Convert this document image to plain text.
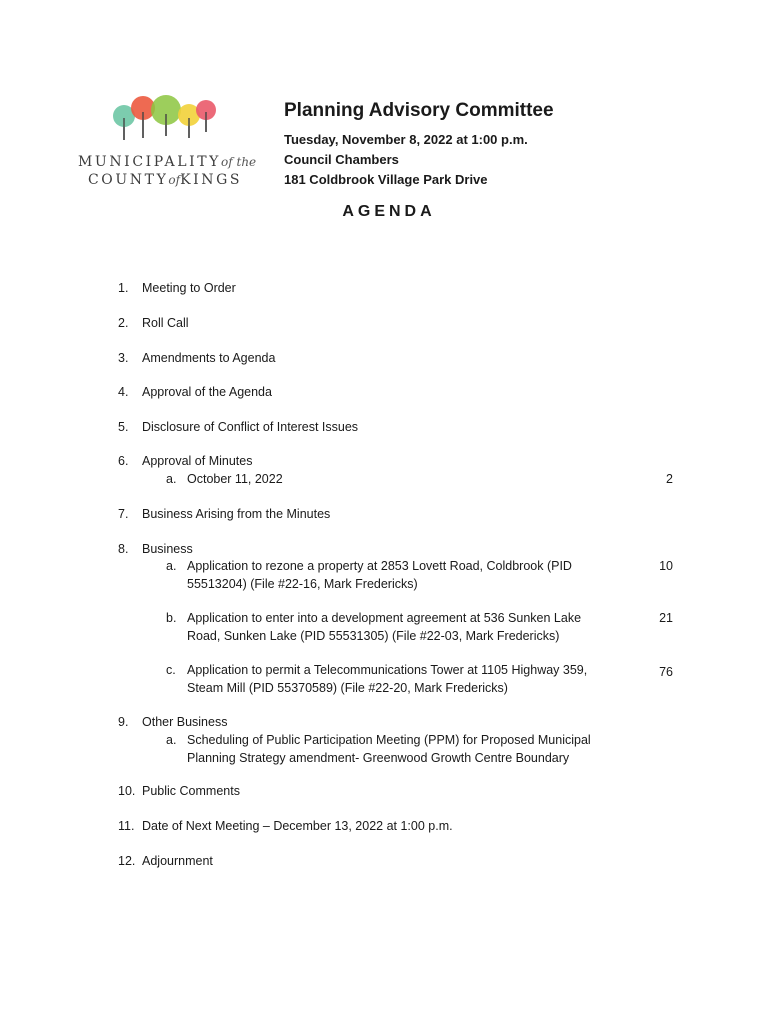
MUNICIPALITYof the
COUNTYofKINGS
Planning Advisory Committee
Tuesday, November 8, 2022 at 1:00 p.m.
Council Chambers
181 Coldbrook Village Park Drive
AGENDA
1. Meeting to Order
2. Roll Call
3. Amendments to Agenda
4. Approval of the Agenda
5. Disclosure of Conflict of Interest Issues
6. Approval of Minutes
a. October 11, 2022	2
7. Business Arising from the Minutes
8. Business
a. Application to rezone a property at 2853 Lovett Road, Coldbrook (PID 55513204) (File #22-16, Mark Fredericks)
10
b. Application to enter into a development agreement at 536 Sunken Lake Road, Sunken Lake (PID 55531305) (File #22-03, Mark Fredericks)
21
c. Application to permit a Telecommunications Tower at 1105 Highway 359, Steam Mill (PID 55370589) (File #22-20, Mark Fredericks)
76
9. Other Business
a. Scheduling of Public Participation Meeting (PPM) for Proposed Municipal Planning Strategy amendment- Greenwood Growth Centre Boundary
10. Public Comments
11. Date of Next Meeting – December 13, 2022 at 1:00 p.m.
12. Adjournment
